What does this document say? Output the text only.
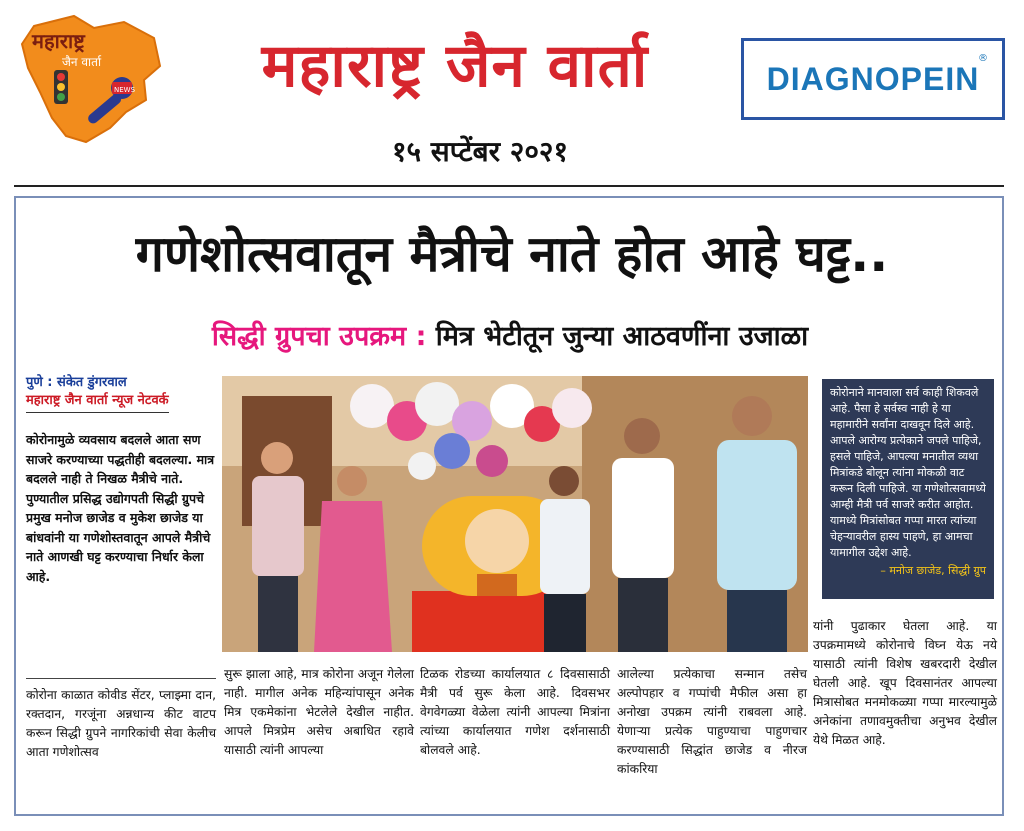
महाराष्ट्र
जैन वार्ता
NEWS	महाराष्ट्र जैन वार्ता
१५ सप्टेंबर २०२१
DIAGNOPEIN
®
गणेशोत्सवातून मैत्रीचे नाते होत आहे घट्ट..
सिद्धी ग्रुपचा उपक्रम : मित्र भेटीतून जुन्या आठवणींना उजाळा
पुणे : संकेत डुंगरवाल
महाराष्ट्र जैन वार्ता न्यूज नेटवर्क
कोरोनामुळे व्यवसाय बदलले आता सण साजरे करण्याच्या पद्धतीही बदलल्या. मात्र बदलले नाही ते निखळ मैत्रीचे नाते. पुण्यातील प्रसिद्ध उद्योगपती सिद्धी ग्रुपचे प्रमुख मनोज छाजेड व मुकेश छाजेड या बांधवांनी या गणेशोस्तवातून आपले मैत्रीचे नाते आणखी घट्ट करण्याचा निर्धार केला आहे.
कोरोना काळात कोवीड सेंटर, प्लाझ्मा दान, रक्तदान, गरजूंना अन्नधान्य कीट वाटप करून सिद्धी ग्रुपने नागरिकांची सेवा केलीच आता गणेशोत्सव
सुरू झाला आहे, मात्र कोरोना अजून गेलेला नाही. मागील अनेक महिन्यांपासून अनेक मित्र एकमेकांना भेटलेले देखील नाहीत. आपले मित्रप्रेम असेच अबाधित रहावे यासाठी त्यांनी आपल्या
टिळक रोडच्या कार्यालयात ८ दिवसासाठी मैत्री पर्व सुरू केला आहे. दिवसभर वेगवेगळ्या वेळेला त्यांनी आपल्या मित्रांना त्यांच्या कार्यालयात गणेश दर्शनासाठी बोलवले आहे.
आलेल्या प्रत्येकाचा सन्मान तसेच अल्पोपहार व गप्पांची मैफील असा हा अनोखा उपक्रम त्यांनी राबवला आहे. येणाऱ्या प्रत्येक पाहुण्याचा पाहुणचार करण्यासाठी सिद्धांत छाजेड व नीरज कांकरिया
यांनी पुढाकार घेतला आहे. या उपक्रमामध्ये कोरोनाचे विघ्न येऊ नये यासाठी त्यांनी विशेष खबरदारी देखील घेतली आहे. खूप दिवसानंतर आपल्या मित्रासोबत मनमोकळ्या गप्पा मारल्यामुळे अनेकांना तणावमुक्तीचा अनुभव देखील येथे मिळत आहे.
कोरोनाने मानवाला सर्व काही शिकवले आहे. पैसा हे सर्वस्व नाही हे या महामारीने सर्वांना दाखवून दिले आहे. आपले आरोग्य प्रत्येकाने जपले पाहिजे, हसले पाहिजे, आपल्या मनातील व्यथा मित्रांकडे बोलून त्यांना मोकळी वाट करून दिली पाहिजे. या गणेशोत्सवामध्ये आम्ही मैत्री पर्व साजरे करीत आहोत. यामध्ये मित्रांसोबत गप्पा मारत त्यांच्या चेहऱ्यावरील हास्य पाहणे, हा आमचा यामागील उद्देश आहे.
– मनोज छाजेड, सिद्धी ग्रुप
